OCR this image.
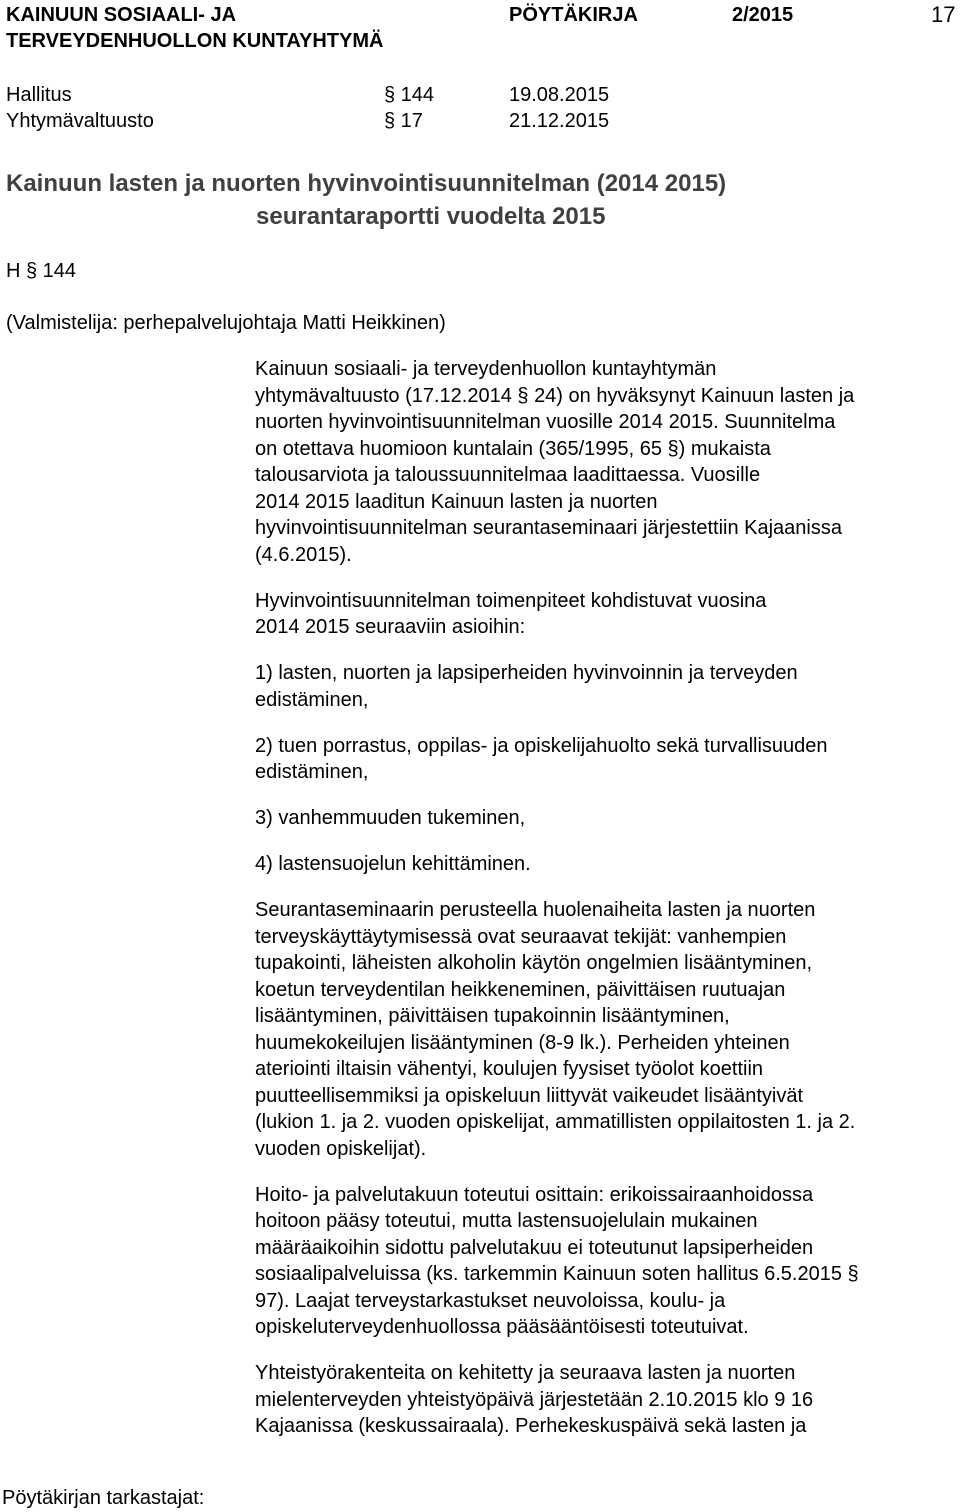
KAINUUN SOSIAALI- JA
TERVEYDENHUOLLON KUNTAYHTYMÄ
PÖYTÄKIRJA	2/2015	17
Hallitus	§ 144	19.08.2015
Yhtymävaltuusto	§ 17	21.12.2015
Kainuun lasten ja nuorten hyvinvointisuunnitelman (2014 2015)
seurantaraportti vuodelta 2015
H § 144
(Valmistelija: perhepalvelujohtaja Matti Heikkinen)

Kainuun sosiaali- ja terveydenhuollon kuntayhtymän
yhtymävaltuusto (17.12.2014 § 24) on hyväksynyt Kainuun lasten ja
nuorten hyvinvointisuunnitelman vuosille 2014 2015. Suunnitelma
on otettava huomioon kuntalain (365/1995, 65 §) mukaista
talousarviota ja taloussuunnitelmaa laadittaessa. Vuosille
2014 2015 laaditun Kainuun lasten ja nuorten
hyvinvointisuunnitelman seurantaseminaari järjestettiin Kajaanissa
(4.6.2015).

Hyvinvointisuunnitelman toimenpiteet kohdistuvat vuosina
2014 2015 seuraaviin asioihin:

1) lasten, nuorten ja lapsiperheiden hyvinvoinnin ja terveyden
edistäminen,

2) tuen porrastus, oppilas- ja opiskelijahuolto sekä turvallisuuden
edistäminen,

3) vanhemmuuden tukeminen,

4) lastensuojelun kehittäminen.

Seurantaseminaarin perusteella huolenaiheita lasten ja nuorten
terveyskäyttäytymisessä ovat seuraavat tekijät: vanhempien
tupakointi, läheisten alkoholin käytön ongelmien lisääntyminen,
koetun terveydentilan heikkeneminen, päivittäisen ruutuajan
lisääntyminen, päivittäisen tupakoinnin lisääntyminen,
huumekokeilujen lisääntyminen (8-9 lk.). Perheiden yhteinen
ateriointi iltaisin vähentyi, koulujen fyysiset työolot koettiin
puutteellisemmiksi ja opiskeluun liittyvät vaikeudet lisääntyivät
(lukion 1. ja 2. vuoden opiskelijat, ammatillisten oppilaitosten 1. ja 2.
vuoden opiskelijat).

Hoito- ja palvelutakuun toteutui osittain: erikoissairaanhoidossa
hoitoon pääsy toteutui, mutta lastensuojelulain mukainen
määräaikoihin sidottu palvelutakuu ei toteutunut lapsiperheiden
sosiaalipalveluissa (ks. tarkemmin Kainuun soten hallitus 6.5.2015 §
97). Laajat terveystarkastukset neuvoloissa, koulu- ja
opiskeluterveydenhuollossa pääsääntöisesti toteutuivat.

Yhteistyörakenteita on kehitetty ja seuraava lasten ja nuorten
mielenterveyden yhteistyöpäivä järjestetään 2.10.2015 klo 9 16
Kajaanissa (keskussairaala). Perhekeskuspäivä sekä lasten ja

Pöytäkirjan tarkastajat:
